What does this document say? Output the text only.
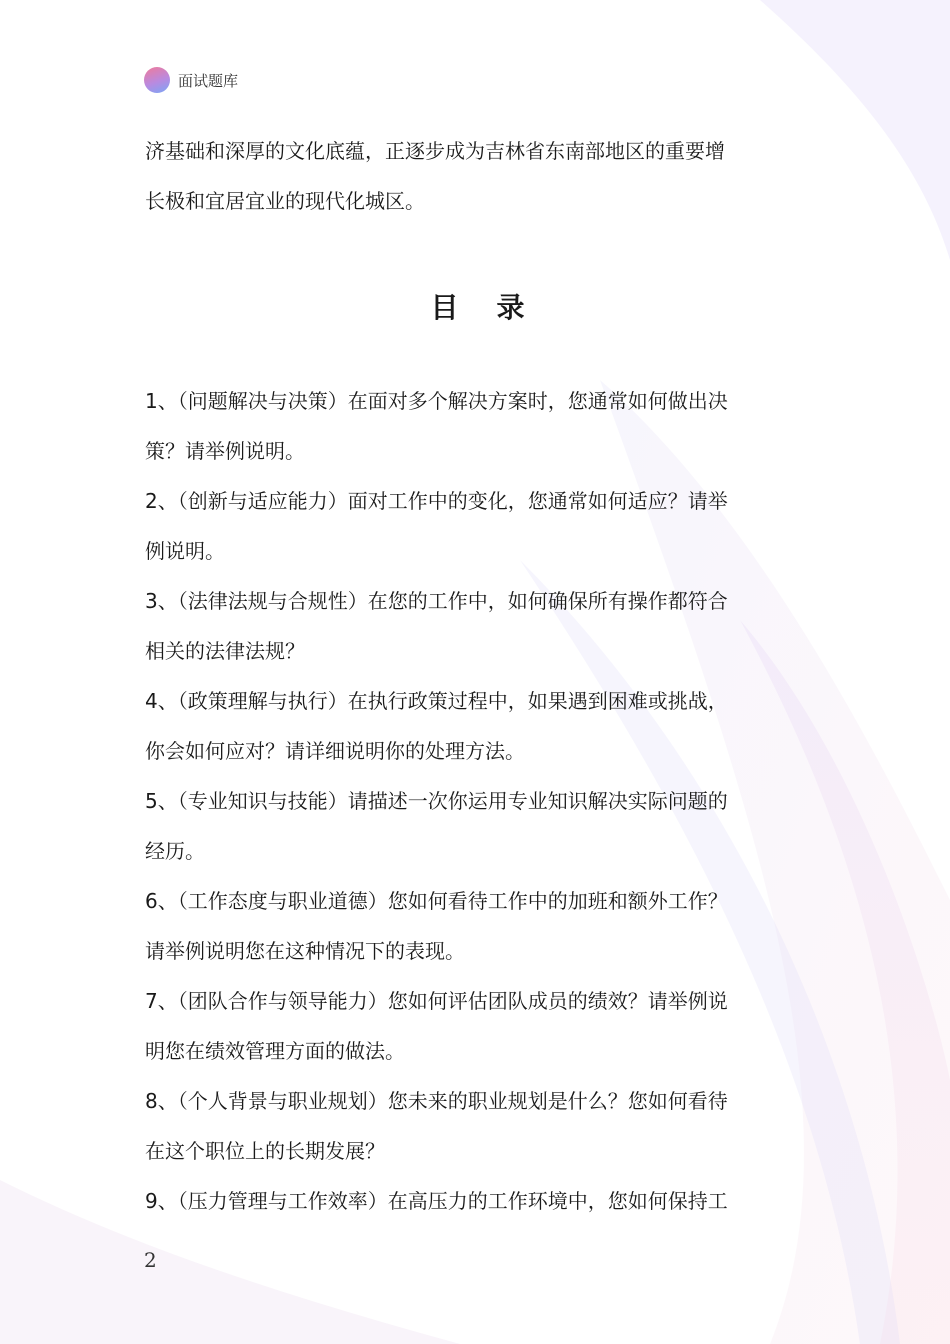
面试题库

济基础和深厚的文化底蕴，正逐步成为吉林省东南部地区的重要增

长极和宜居宜业的现代化城区。

目录

1、（问题解决与决策）在面对多个解决方案时，您通常如何做出决

策？请举例说明。

2、（创新与适应能力）面对工作中的变化，您通常如何适应？请举

例说明。

3、（法律法规与合规性）在您的工作中，如何确保所有操作都符合

相关的法律法规？

4、（政策理解与执行）在执行政策过程中，如果遇到困难或挑战，

你会如何应对？请详细说明你的处理方法。

5、（专业知识与技能）请描述一次你运用专业知识解决实际问题的

经历。

6、（工作态度与职业道德）您如何看待工作中的加班和额外工作？

请举例说明您在这种情况下的表现。

7、（团队合作与领导能力）您如何评估团队成员的绩效？请举例说

明您在绩效管理方面的做法。

8、（个人背景与职业规划）您未来的职业规划是什么？您如何看待

在这个职位上的长期发展？

9、（压力管理与工作效率）在高压力的工作环境中，您如何保持工

2
